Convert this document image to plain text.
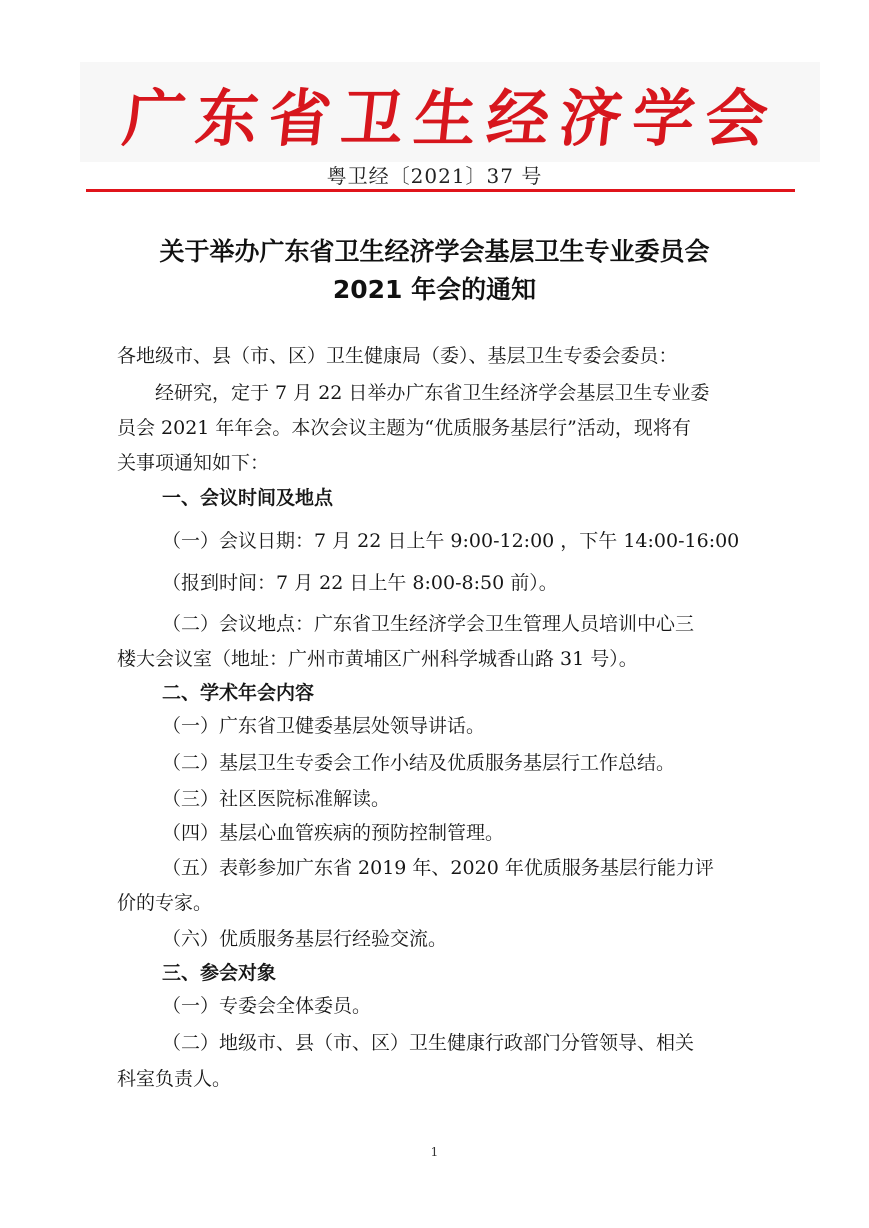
广 东 省 卫 生 经 济 学 会
粤卫经〔2021〕37 号
关于举办广东省卫生经济学会基层卫生专业委员会
2021 年会的通知
各地级市、县（市、区）卫生健康局（委）、基层卫生专委会委员：
经研究，定于 7 月 22 日举办广东省卫生经济学会基层卫生专业委
员会 2021 年年会。本次会议主题为“优质服务基层行”活动，现将有
关事项通知如下：
一、会议时间及地点
（一）会议日期：7 月 22 日上午 9:00-12:00 ，下午 14:00-16:00
（报到时间：7 月 22 日上午 8:00-8:50 前）。
（二）会议地点：广东省卫生经济学会卫生管理人员培训中心三
楼大会议室（地址：广州市黄埔区广州科学城香山路 31 号）。
二、学术年会内容
（一）广东省卫健委基层处领导讲话。
（二）基层卫生专委会工作小结及优质服务基层行工作总结。
（三）社区医院标准解读。
（四）基层心血管疾病的预防控制管理。
（五）表彰参加广东省 2019 年、2020 年优质服务基层行能力评
价的专家。
（六）优质服务基层行经验交流。
三、参会对象
（一）专委会全体委员。
（二）地级市、县（市、区）卫生健康行政部门分管领导、相关
科室负责人。
1
